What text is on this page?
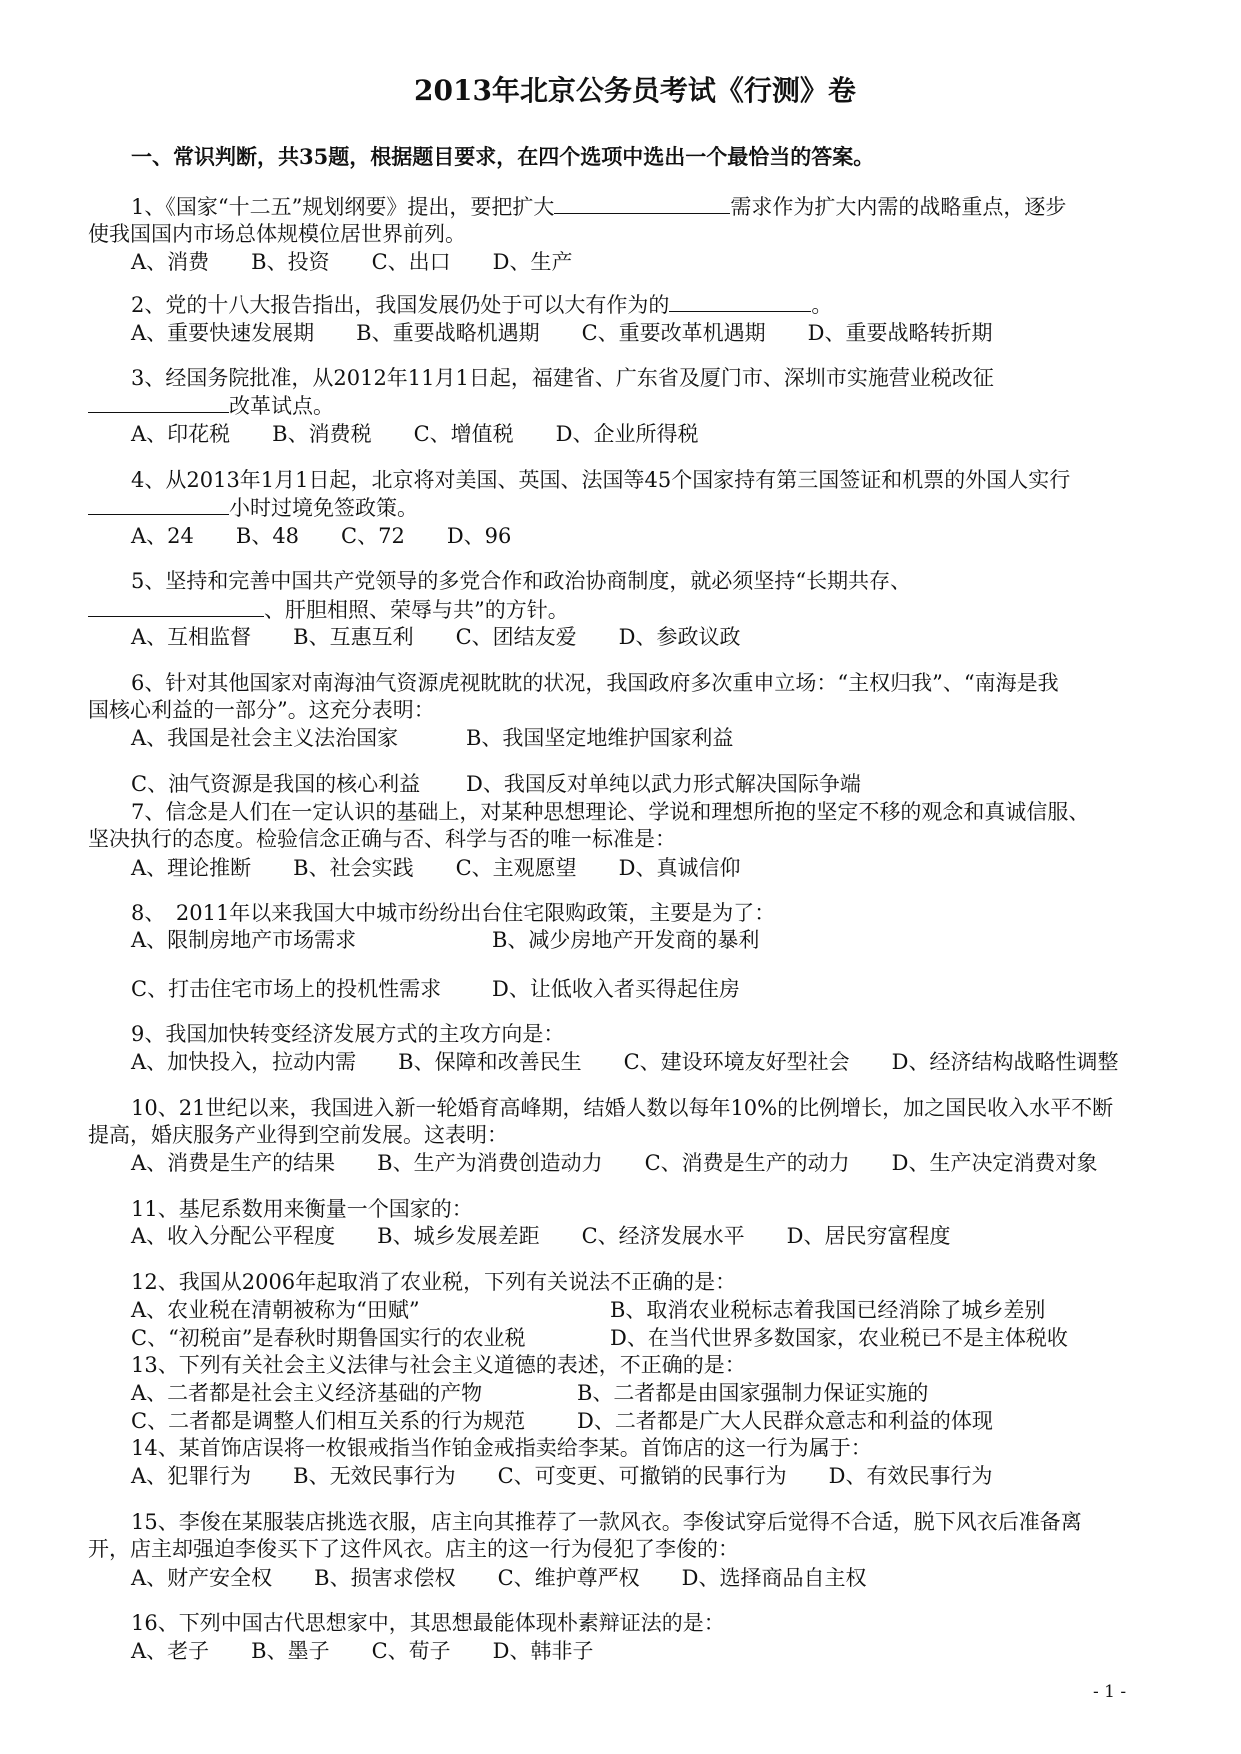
2013年北京公务员考试《行测》卷
一、常识判断，共35题，根据题目要求，在四个选项中选出一个最恰当的答案。
1、《国家“十二五”规划纲要》提出，要把扩大	需求作为扩大内需的战略重点，逐步
使我国国内市场总体规模位居世界前列。
A、消费　　B、投资　　C、出口　　D、生产
2、党的十八大报告指出，我国发展仍处于可以大有作为的	。
A、重要快速发展期　　B、重要战略机遇期　　C、重要改革机遇期　　D、重要战略转折期
3、经国务院批准，从2012年11月1日起，福建省、广东省及厦门市、深圳市实施营业税改征
改革试点。
A、印花税　　B、消费税　　C、增值税　　D、企业所得税
4、从2013年1月1日起，北京将对美国、英国、法国等45个国家持有第三国签证和机票的外国人实行
小时过境免签政策。
A、24　　B、48　　C、72　　D、96
5、坚持和完善中国共产党领导的多党合作和政治协商制度，就必须坚持“长期共存、
、肝胆相照、荣辱与共”的方针。
A、互相监督　　B、互惠互利　　C、团结友爱　　D、参政议政
6、针对其他国家对南海油气资源虎视眈眈的状况，我国政府多次重申立场：“主权归我”、“南海是我
国核心利益的一部分”。这充分表明：
A、我国是社会主义法治国家	B、我国坚定地维护国家利益
C、油气资源是我国的核心利益 D、我国反对单纯以武力形式解决国际争端
7、信念是人们在一定认识的基础上，对某种思想理论、学说和理想所抱的坚定不移的观念和真诚信服、
坚决执行的态度。检验信念正确与否、科学与否的唯一标准是：
A、理论推断　　B、社会实践　　C、主观愿望　　D、真诚信仰
8、　2011年以来我国大中城市纷纷出台住宅限购政策，主要是为了：
A、限制房地产市场需求	B、减少房地产开发商的暴利
C、打击住宅市场上的投机性需求 D、让低收入者买得起住房
9、我国加快转变经济发展方式的主攻方向是：
A、加快投入，拉动内需　　B、保障和改善民生　　C、建设环境友好型社会　　D、经济结构战略性调整
10、21世纪以来，我国进入新一轮婚育高峰期，结婚人数以每年10%的比例增长，加之国民收入水平不断
提高，婚庆服务产业得到空前发展。这表明：
A、消费是生产的结果　　B、生产为消费创造动力　　C、消费是生产的动力　　D、生产决定消费对象
11、基尼系数用来衡量一个国家的：
A、收入分配公平程度　　B、城乡发展差距　　C、经济发展水平　　D、居民穷富程度
12、我国从2006年起取消了农业税，下列有关说法不正确的是：
A、农业税在清朝被称为“田赋”	B、取消农业税标志着我国已经消除了城乡差别
C、“初税亩”是春秋时期鲁国实行的农业税	D、在当代世界多数国家，农业税已不是主体税收
13、下列有关社会主义法律与社会主义道德的表述，不正确的是：
A、二者都是社会主义经济基础的产物	B、二者都是由国家强制力保证实施的
C、二者都是调整人们相互关系的行为规范 D、二者都是广大人民群众意志和利益的体现
14、某首饰店误将一枚银戒指当作铂金戒指卖给李某。首饰店的这一行为属于：
A、犯罪行为　　B、无效民事行为　　C、可变更、可撤销的民事行为　　D、有效民事行为
15、李俊在某服装店挑选衣服，店主向其推荐了一款风衣。李俊试穿后觉得不合适，脱下风衣后准备离
开，店主却强迫李俊买下了这件风衣。店主的这一行为侵犯了李俊的：
A、财产安全权　　B、损害求偿权　　C、维护尊严权　　D、选择商品自主权
16、下列中国古代思想家中，其思想最能体现朴素辩证法的是：
A、老子　　B、墨子　　C、荀子　　D、韩非子
- 1 -
